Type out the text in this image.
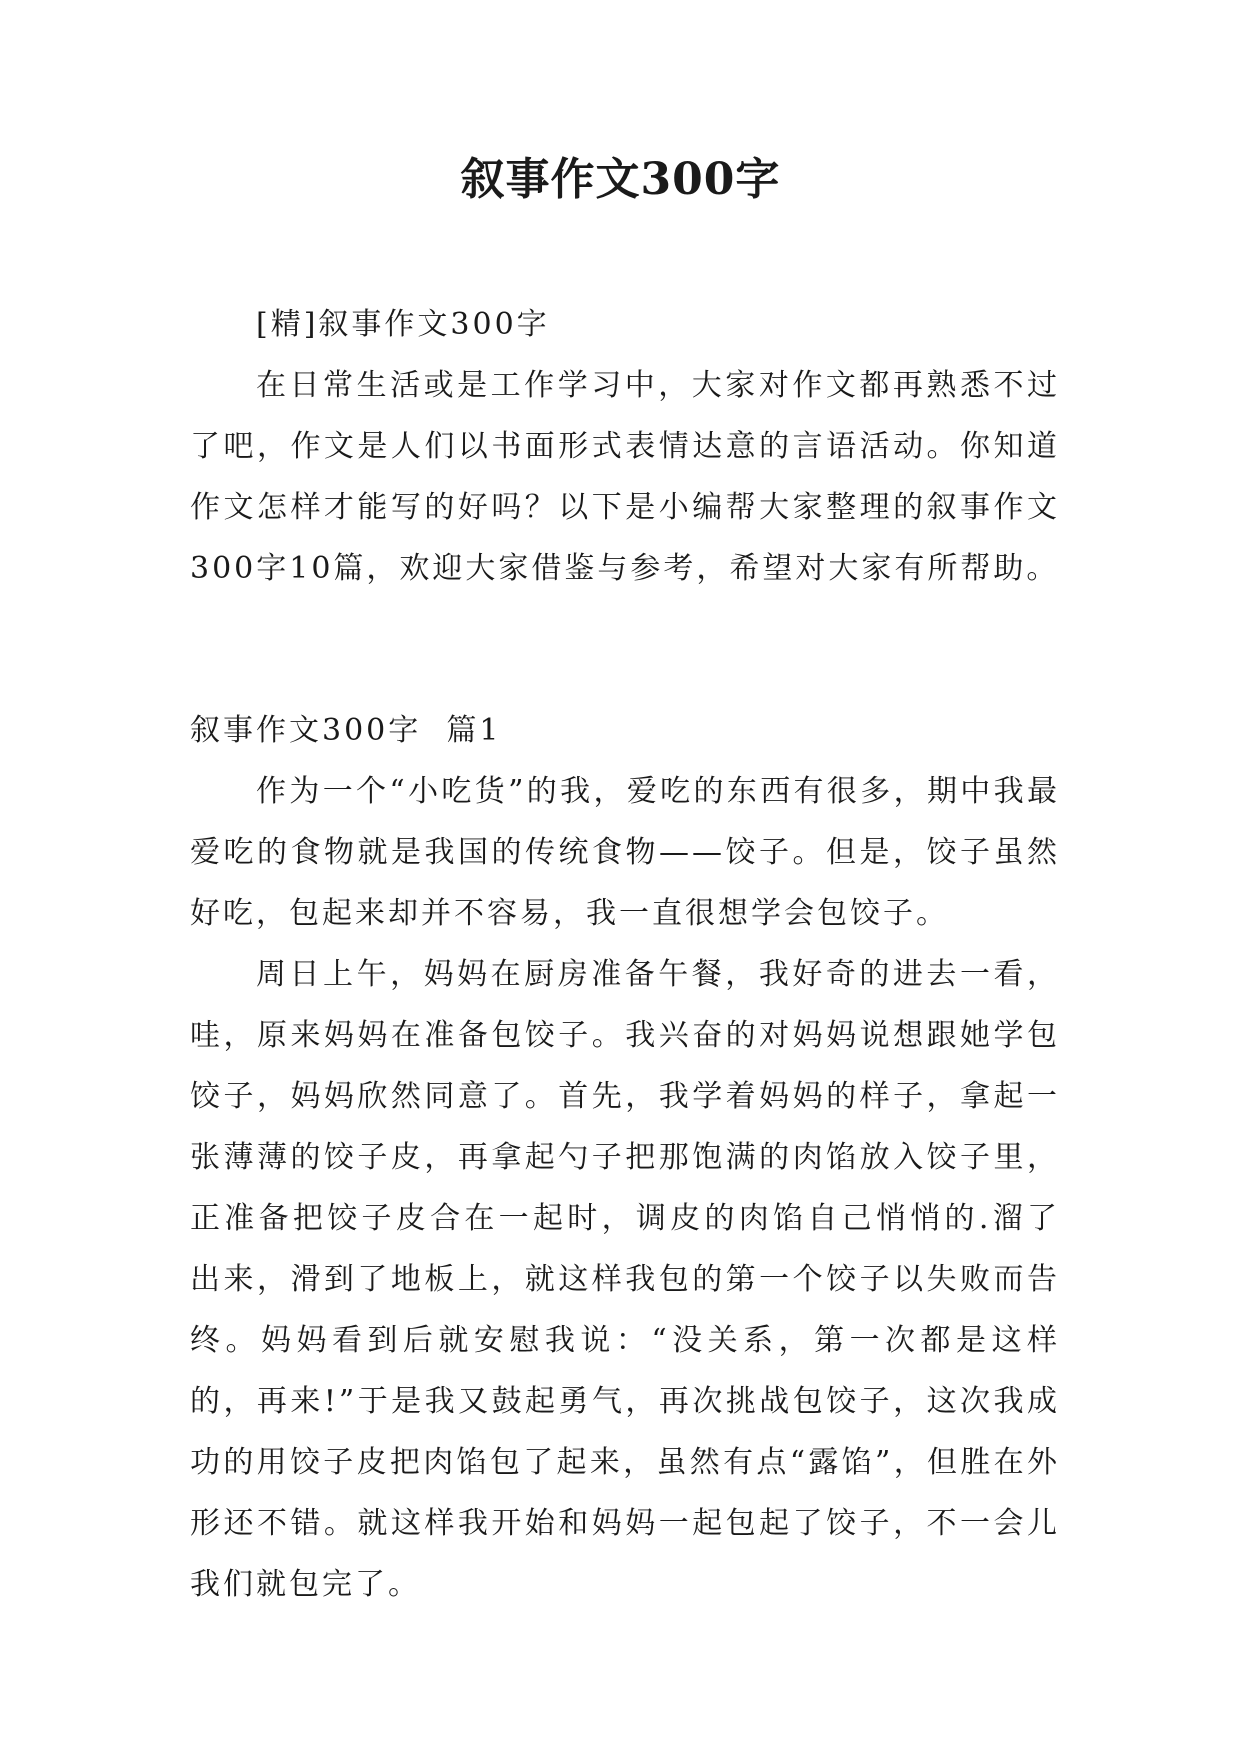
叙事作文300字

[精]叙事作文300字

在日常生活或是工作学习中，大家对作文都再熟悉不过了吧，作文是人们以书面形式表情达意的言语活动。你知道作文怎样才能写的好吗？以下是小编帮大家整理的叙事作文300字10篇，欢迎大家借鉴与参考，希望对大家有所帮助。

叙事作文300字  篇1

作为一个“小吃货”的我，爱吃的东西有很多，期中我最爱吃的食物就是我国的传统食物——饺子。但是，饺子虽然好吃，包起来却并不容易，我一直很想学会包饺子。

周日上午，妈妈在厨房准备午餐，我好奇的进去一看，哇，原来妈妈在准备包饺子。我兴奋的对妈妈说想跟她学包饺子，妈妈欣然同意了。首先，我学着妈妈的样子，拿起一张薄薄的饺子皮，再拿起勺子把那饱满的肉馅放入饺子里，正准备把饺子皮合在一起时，调皮的肉馅自己悄悄的.溜了出来，滑到了地板上，就这样我包的第一个饺子以失败而告终。妈妈看到后就安慰我说：“没关系，第一次都是这样的，再来!”于是我又鼓起勇气，再次挑战包饺子，这次我成功的用饺子皮把肉馅包了起来，虽然有点“露馅”，但胜在外形还不错。就这样我开始和妈妈一起包起了饺子，不一会儿我们就包完了。
